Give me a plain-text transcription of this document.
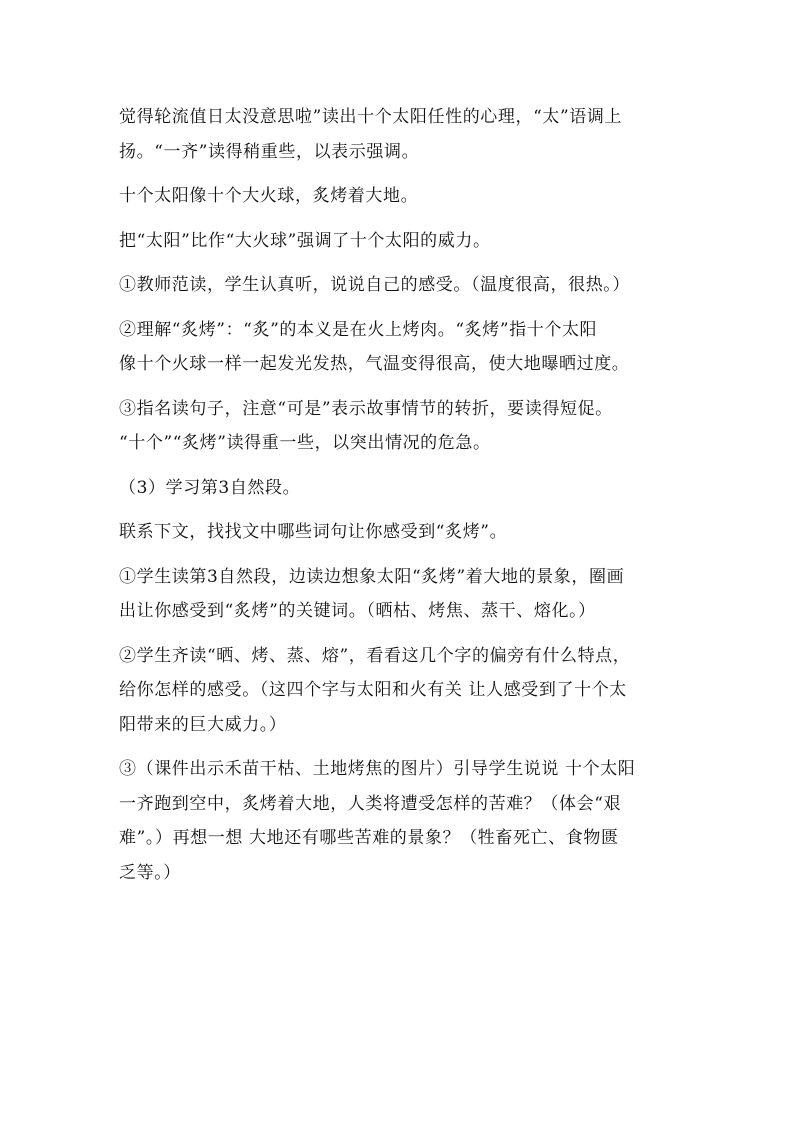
觉得轮流值日太没意思啦”读出十个太阳任性的心理，“太”语调上
扬。“一齐”读得稍重些，以表示强调。

十个太阳像十个大火球，炙烤着大地。

把“太阳”比作“大火球”强调了十个太阳的威力。

①教师范读，学生认真听，说说自己的感受。（温度很高，很热。）

②理解“炙烤”：“炙”的本义是在火上烤肉。“炙烤”指十个太阳
像十个火球一样一起发光发热，气温变得很高，使大地曝晒过度。

③指名读句子，注意“可是”表示故事情节的转折，要读得短促。
“十个”“炙烤”读得重一些，以突出情况的危急。

（3）学习第3自然段。

联系下文，找找文中哪些词句让你感受到“炙烤”。

①学生读第3自然段，边读边想象太阳“炙烤”着大地的景象，圈画
出让你感受到“炙烤”的关键词。（晒枯、烤焦、蒸干、熔化。）

②学生齐读“晒、烤、蒸、熔”，看看这几个字的偏旁有什么特点，
给你怎样的感受。（这四个字与太阳和火有关 让人感受到了十个太
阳带来的巨大威力。）

③（课件出示禾苗干枯、土地烤焦的图片）引导学生说说 十个太阳
一齐跑到空中，炙烤着大地，人类将遭受怎样的苦难？（体会“艰
难”。）再想一想 大地还有哪些苦难的景象？（牲畜死亡、食物匮
乏等。）
